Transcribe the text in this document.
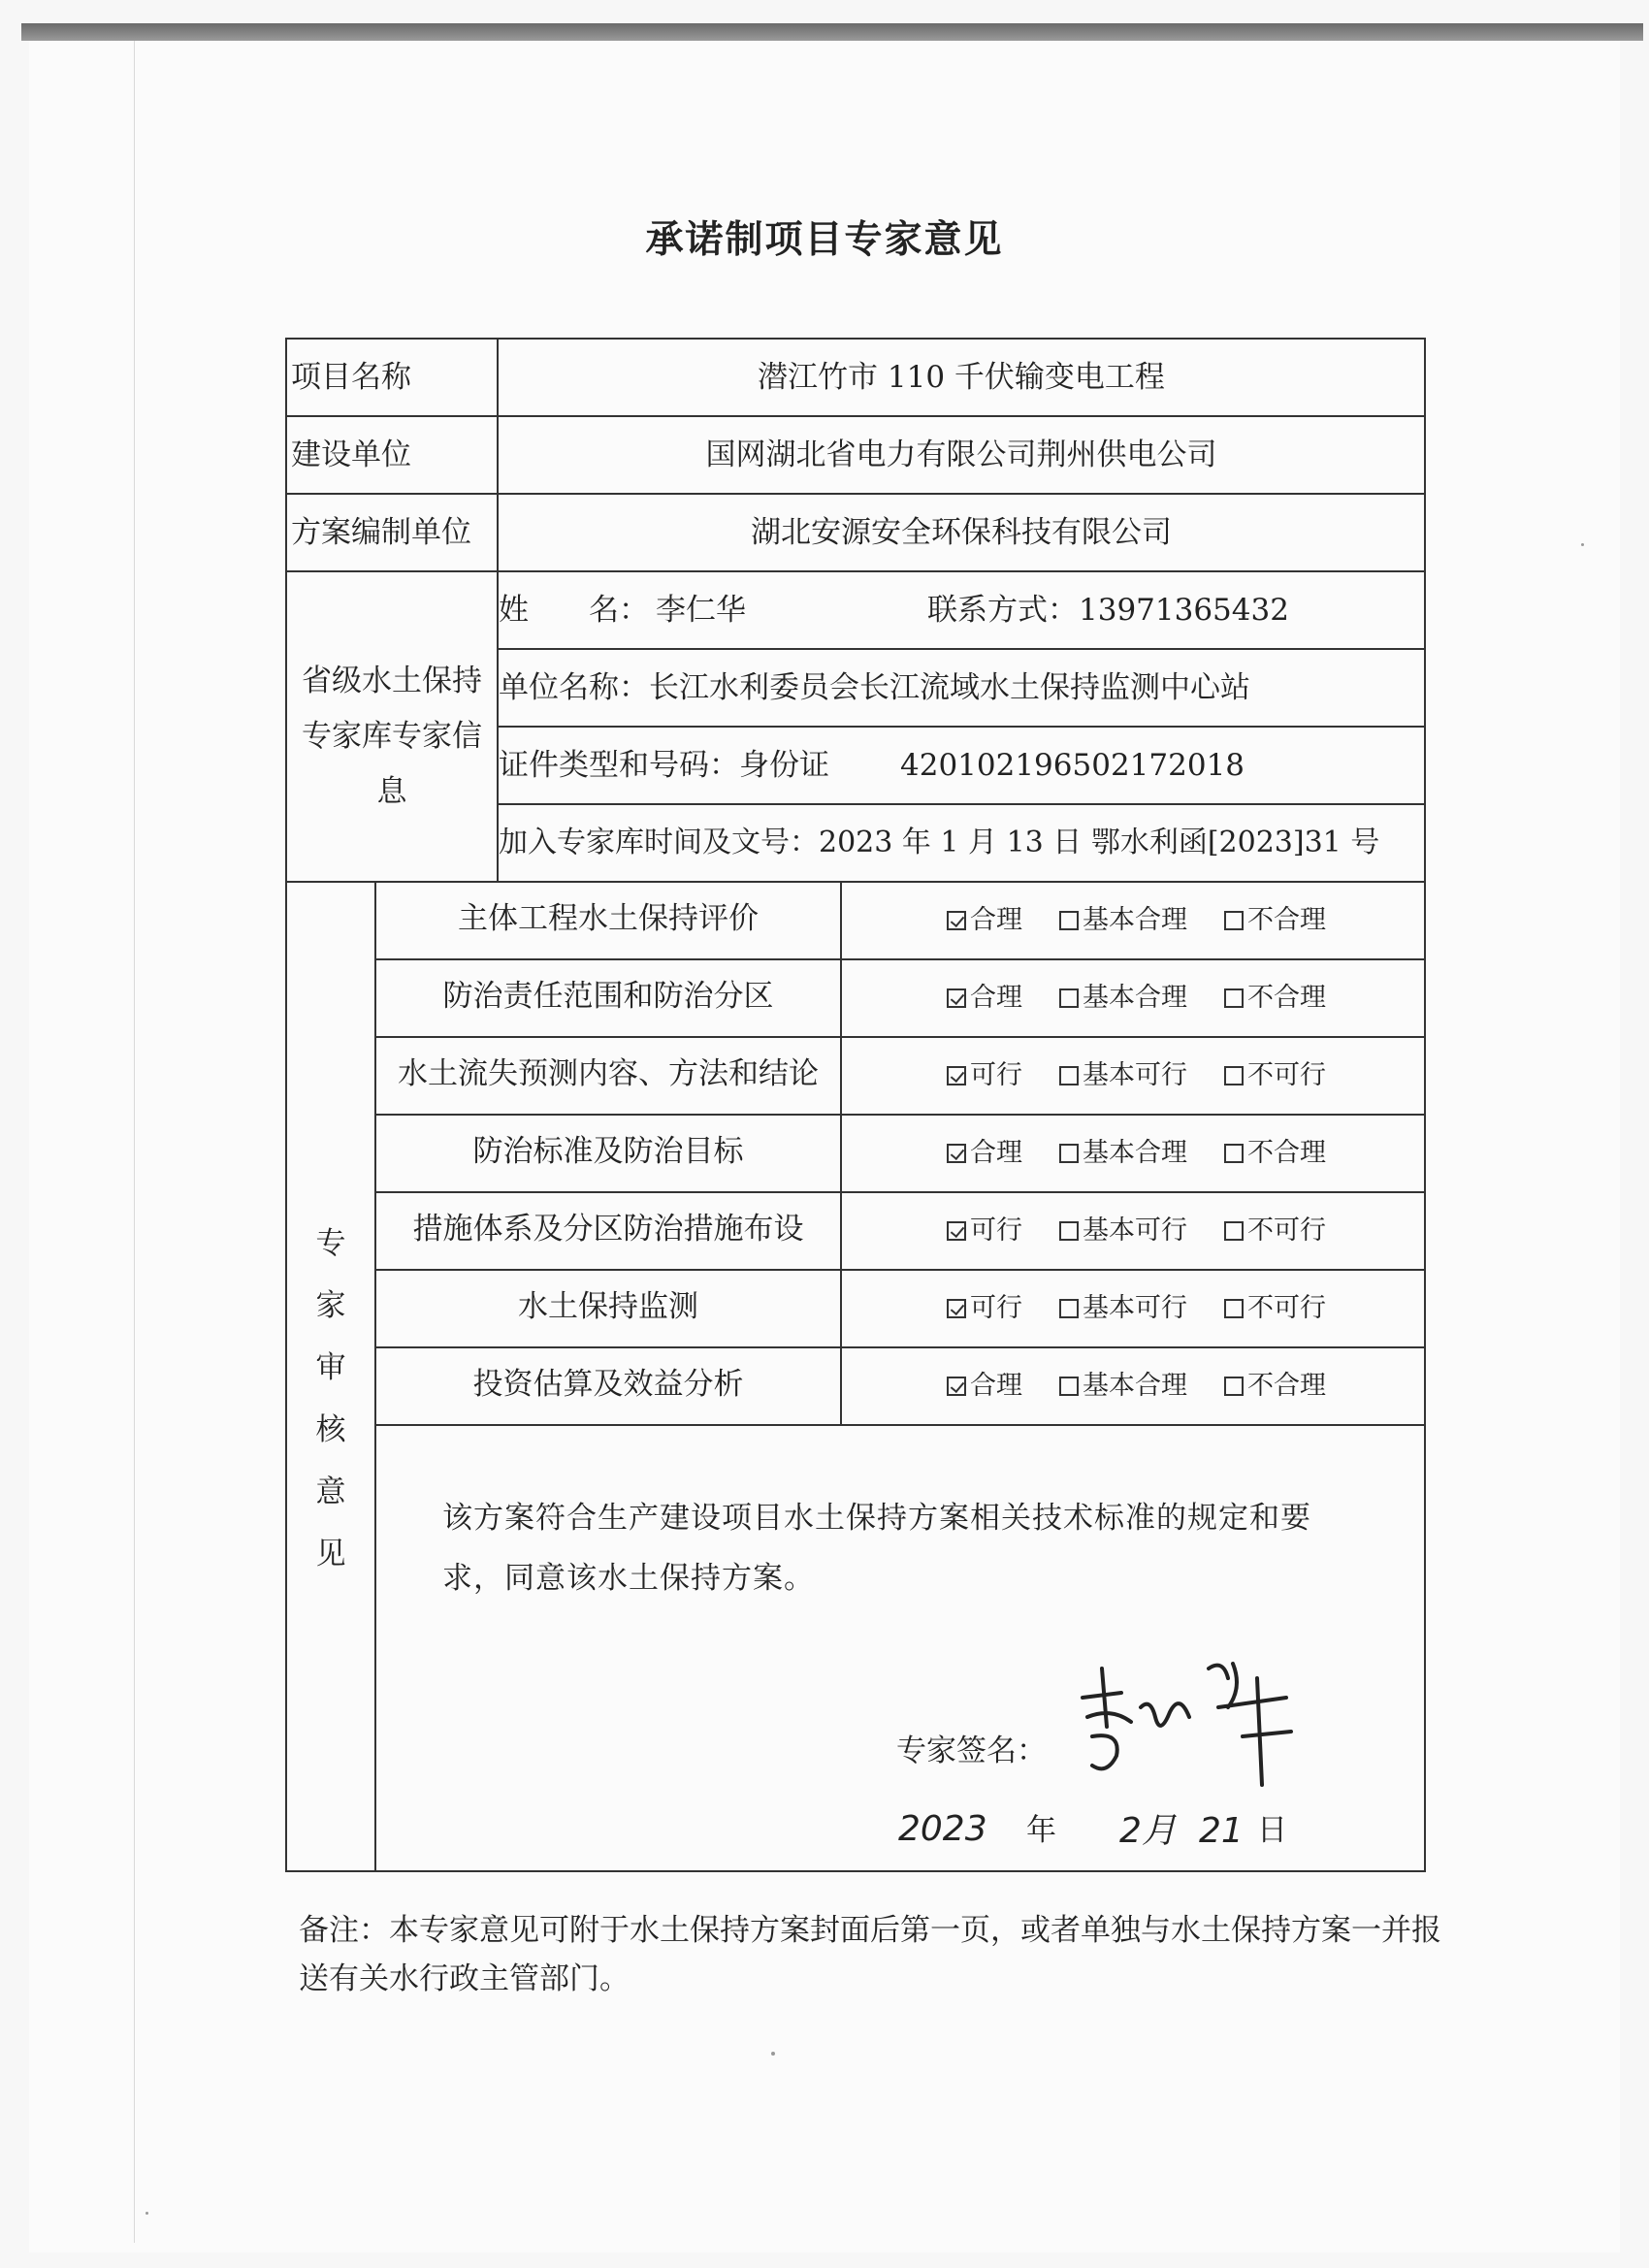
承诺制项目专家意见
项目名称	潜江竹市 110 千伏输变电工程
建设单位	国网湖北省电力有限公司荆州供电公司
方案编制单位	湖北安源安全环保科技有限公司
省级水土保持
专家库专家信
息
姓　　名： 李仁华	联系方式： 13971365432
单位名称：长江水利委员会长江流域水土保持监测中心站
证件类型和号码：身份证 420102196502172018
加入专家库时间及文号：2023 年 1 月 13 日 鄂水利函[2023]31 号
专
家
审
核
意
见
该方案符合生产建设项目水土保持方案相关技术标准的规定和要
求，同意该水土保持方案。
专家签名：
2023 年 2月 21 日
主体工程水土保持评价	合理 基本合理 不合理
防治责任范围和防治分区	合理 基本合理 不合理
水土流失预测内容、方法和结论	可行 基本可行 不可行
防治标准及防治目标	合理 基本合理 不合理
措施体系及分区防治措施布设	可行 基本可行 不可行
水土保持监测	可行 基本可行 不可行
投资估算及效益分析	合理 基本合理 不合理
备注：本专家意见可附于水土保持方案封面后第一页，或者单独与水土保持方案一并报送有关水行政主管部门。
